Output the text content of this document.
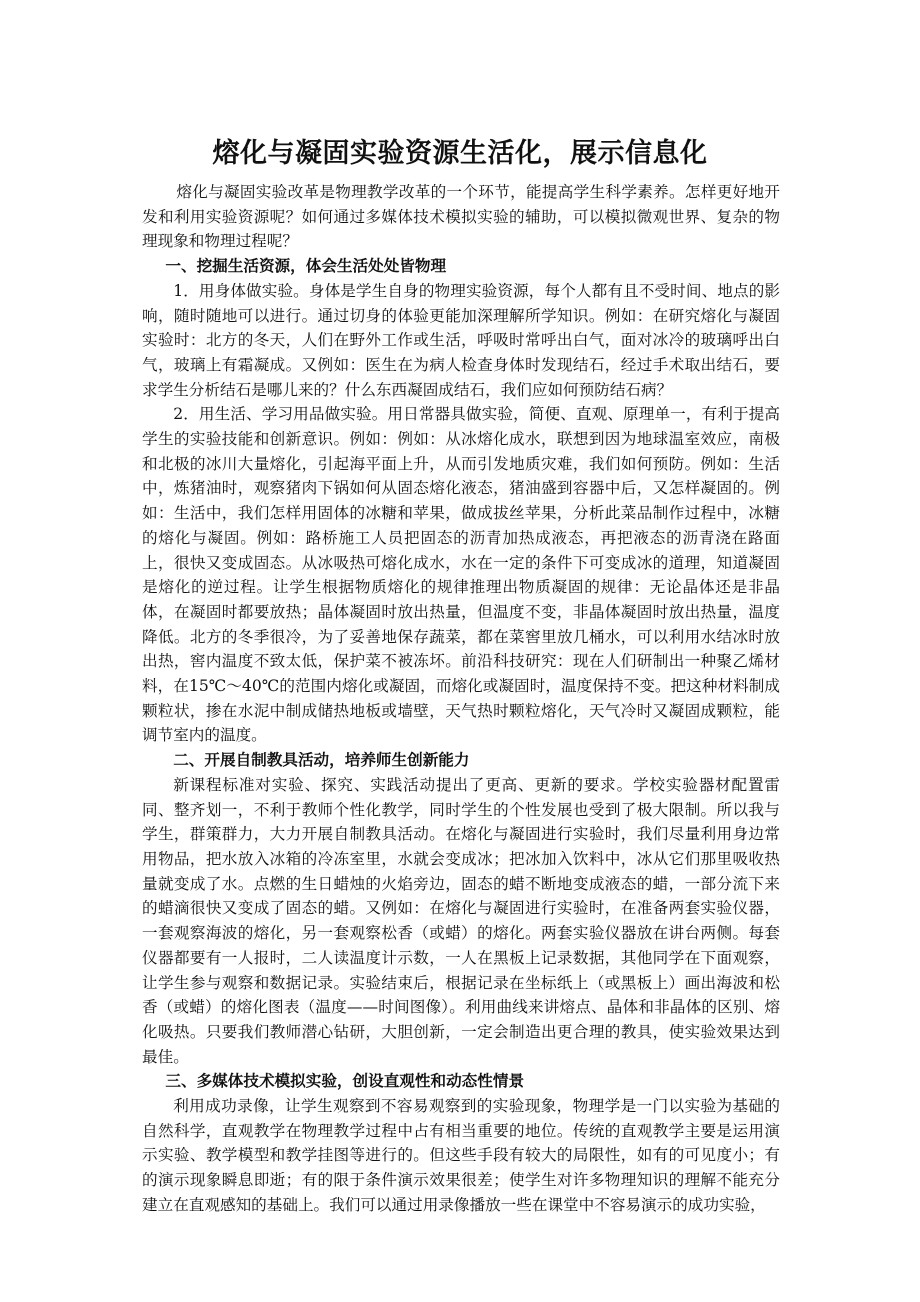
熔化与凝固实验资源生活化，展示信息化

熔化与凝固实验改革是物理教学改革的一个环节，能提高学生科学素养。怎样更好地开发和利用实验资源呢？如何通过多媒体技术模拟实验的辅助，可以模拟微观世界、复杂的物理现象和物理过程呢？

一、挖掘生活资源，体会生活处处皆物理

1．用身体做实验。身体是学生自身的物理实验资源，每个人都有且不受时间、地点的影响，随时随地可以进行。通过切身的体验更能加深理解所学知识。例如：在研究熔化与凝固实验时：北方的冬天，人们在野外工作或生活，呼吸时常呼出白气，面对冰冷的玻璃呼出白气，玻璃上有霜凝成。又例如：医生在为病人检查身体时发现结石，经过手术取出结石，要求学生分析结石是哪儿来的？什么东西凝固成结石，我们应如何预防结石病？

2．用生活、学习用品做实验。用日常器具做实验，简便、直观、原理单一，有利于提高学生的实验技能和创新意识。例如：例如：从冰熔化成水，联想到因为地球温室效应，南极和北极的冰川大量熔化，引起海平面上升，从而引发地质灾难，我们如何预防。例如：生活中，炼猪油时，观察猪肉下锅如何从固态熔化液态，猪油盛到容器中后，又怎样凝固的。例如：生活中，我们怎样用固体的冰糖和苹果，做成拔丝苹果，分析此菜品制作过程中，冰糖的熔化与凝固。例如：路桥施工人员把固态的沥青加热成液态，再把液态的沥青浇在路面上，很快又变成固态。从冰吸热可熔化成水，水在一定的条件下可变成冰的道理，知道凝固是熔化的逆过程。让学生根据物质熔化的规律推理出物质凝固的规律：无论晶体还是非晶体，在凝固时都要放热；晶体凝固时放出热量，但温度不变，非晶体凝固时放出热量，温度降低。北方的冬季很冷，为了妥善地保存蔬菜，都在菜窖里放几桶水，可以利用水结冰时放出热，窖内温度不致太低，保护菜不被冻坏。前沿科技研究：现在人们研制出一种聚乙烯材料，在15℃～40℃的范围内熔化或凝固，而熔化或凝固时，温度保持不变。把这种材料制成颗粒状，掺在水泥中制成储热地板或墙壁，天气热时颗粒熔化，天气冷时又凝固成颗粒，能调节室内的温度。

二、开展自制教具活动，培养师生创新能力

新课程标准对实验、探究、实践活动提出了更高、更新的要求。学校实验器材配置雷同、整齐划一，不利于教师个性化教学，同时学生的个性发展也受到了极大限制。所以我与学生，群策群力，大力开展自制教具活动。在熔化与凝固进行实验时，我们尽量利用身边常用物品，把水放入冰箱的冷冻室里，水就会变成冰；把冰加入饮料中，冰从它们那里吸收热量就变成了水。点燃的生日蜡烛的火焰旁边，固态的蜡不断地变成液态的蜡，一部分流下来的蜡滴很快又变成了固态的蜡。又例如：在熔化与凝固进行实验时，在准备两套实验仪器，一套观察海波的熔化，另一套观察松香（或蜡）的熔化。两套实验仪器放在讲台两侧。每套仪器都要有一人报时，二人读温度计示数，一人在黑板上记录数据，其他同学在下面观察，让学生参与观察和数据记录。实验结束后，根据记录在坐标纸上（或黑板上）画出海波和松香（或蜡）的熔化图表（温度——时间图像）。利用曲线来讲熔点、晶体和非晶体的区别、熔化吸热。只要我们教师潜心钻研，大胆创新，一定会制造出更合理的教具，使实验效果达到最佳。

三、多媒体技术模拟实验，创设直观性和动态性情景

利用成功录像，让学生观察到不容易观察到的实验现象，物理学是一门以实验为基础的自然科学，直观教学在物理教学过程中占有相当重要的地位。传统的直观教学主要是运用演示实验、教学模型和教学挂图等进行的。但这些手段有较大的局限性，如有的可见度小；有的演示现象瞬息即逝；有的限于条件演示效果很差；使学生对许多物理知识的理解不能充分建立在直观感知的基础上。我们可以通过用录像播放一些在课堂中不容易演示的成功实验，
